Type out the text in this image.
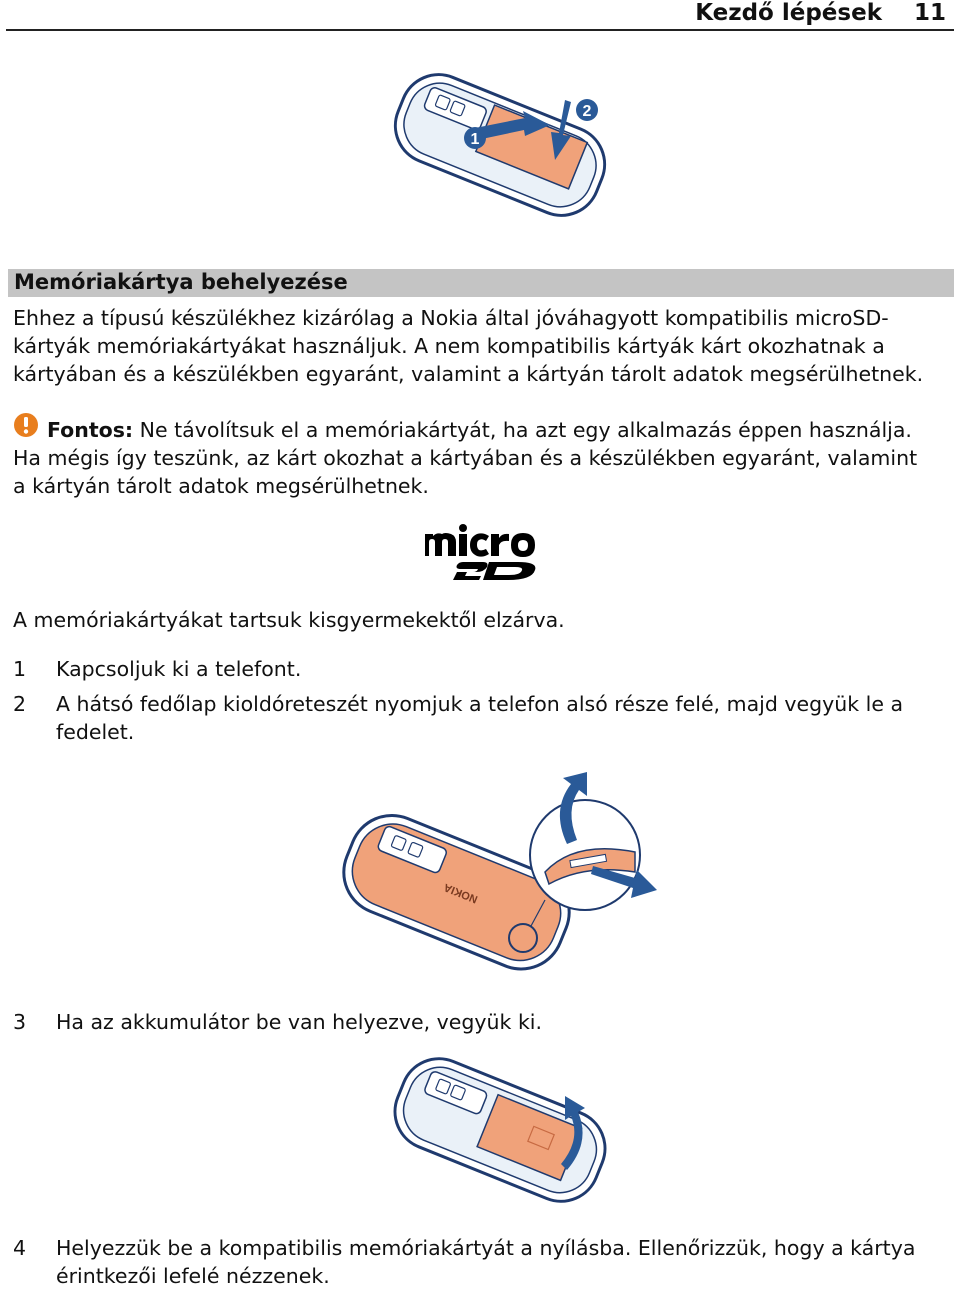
Kezdő lépések 11
1
2
Memóriakártya behelyezése
Ehhez a típusú készülékhez kizárólag a Nokia által jóváhagyott kompatibilis microSD-
kártyák memóriakártyákat használjuk. A nem kompatibilis kártyák kárt okozhatnak a
kártyában és a készülékben egyaránt, valamint a kártyán tárolt adatok megsérülhetnek.
Fontos: Ne távolítsuk el a memóriakártyát, ha azt egy alkalmazás éppen használja.
Ha mégis így teszünk, az kárt okozhat a kártyában és a készülékben egyaránt, valamint
a kártyán tárolt adatok megsérülhetnek.
A memóriakártyákat tartsuk kisgyermekektől elzárva.
1 Kapcsoljuk ki a telefont.
2 A hátsó fedőlap kioldóreteszét nyomjuk a telefon alsó része felé, majd vegyük le a
fedelet.
NOKIA
3 Ha az akkumulátor be van helyezve, vegyük ki.
4 Helyezzük be a kompatibilis memóriakártyát a nyílásba. Ellenőrizzük, hogy a kártya
érintkezői lefelé nézzenek.
